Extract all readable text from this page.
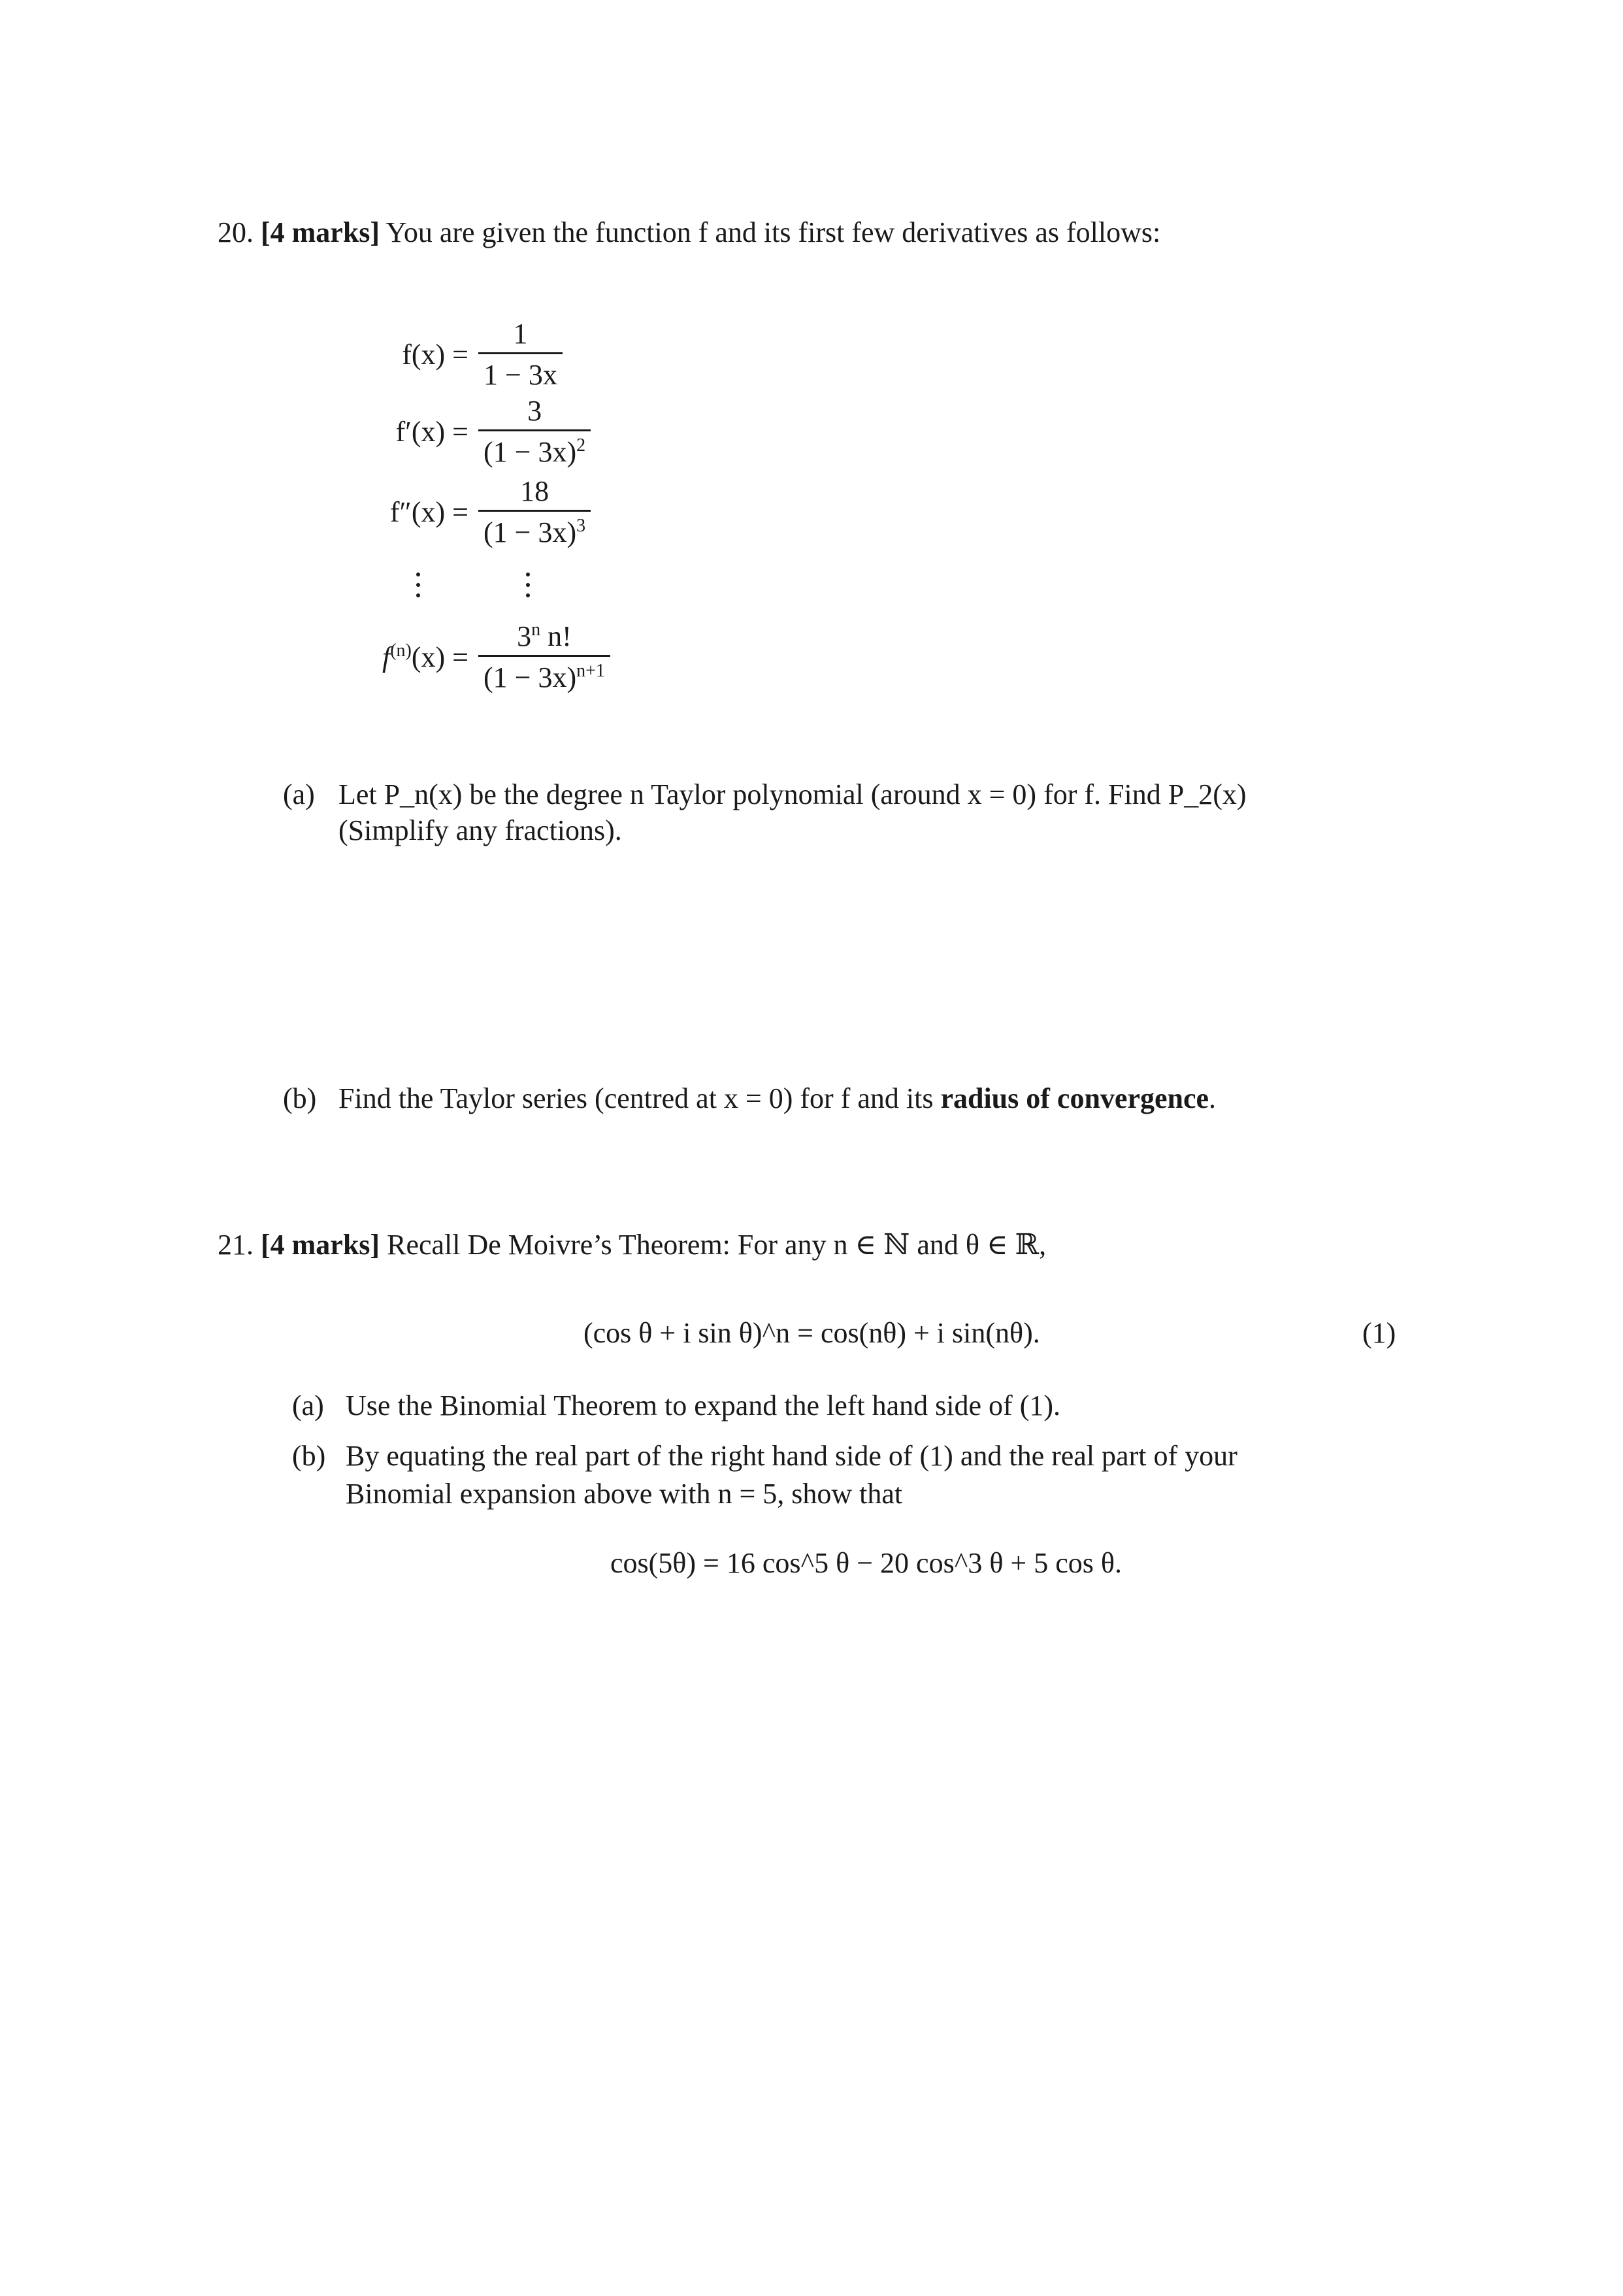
20. [4 marks] You are given the function f and its first few derivatives as follows:
$f(x) = \frac{1}{1 - 3x}$
$f'(x) = \frac{3}{(1 - 3x)^2}$
$f''(x) = \frac{18}{(1 - 3x)^3}$
$f^{(n)}(x) = \frac{3^n n!}{(1 - 3x)^{n+1}}$
(a) Let P_n(x) be the degree n Taylor polynomial (around x = 0) for f. Find P_2(x)
(Simplify any fractions).
(b) Find the Taylor series (centred at x = 0) for f and its radius of convergence.
21. [4 marks] Recall De Moivre’s Theorem: For any n ∈ ℕ and θ ∈ ℝ,
(cos θ + i sin θ)^n = cos(nθ) + i sin(nθ).	(1)
(a) Use the Binomial Theorem to expand the left hand side of (1).
(b) By equating the real part of the right hand side of (1) and the real part of your
Binomial expansion above with n = 5, show that
cos(5θ) = 16 cos^5 θ − 20 cos^3 θ + 5 cos θ.
